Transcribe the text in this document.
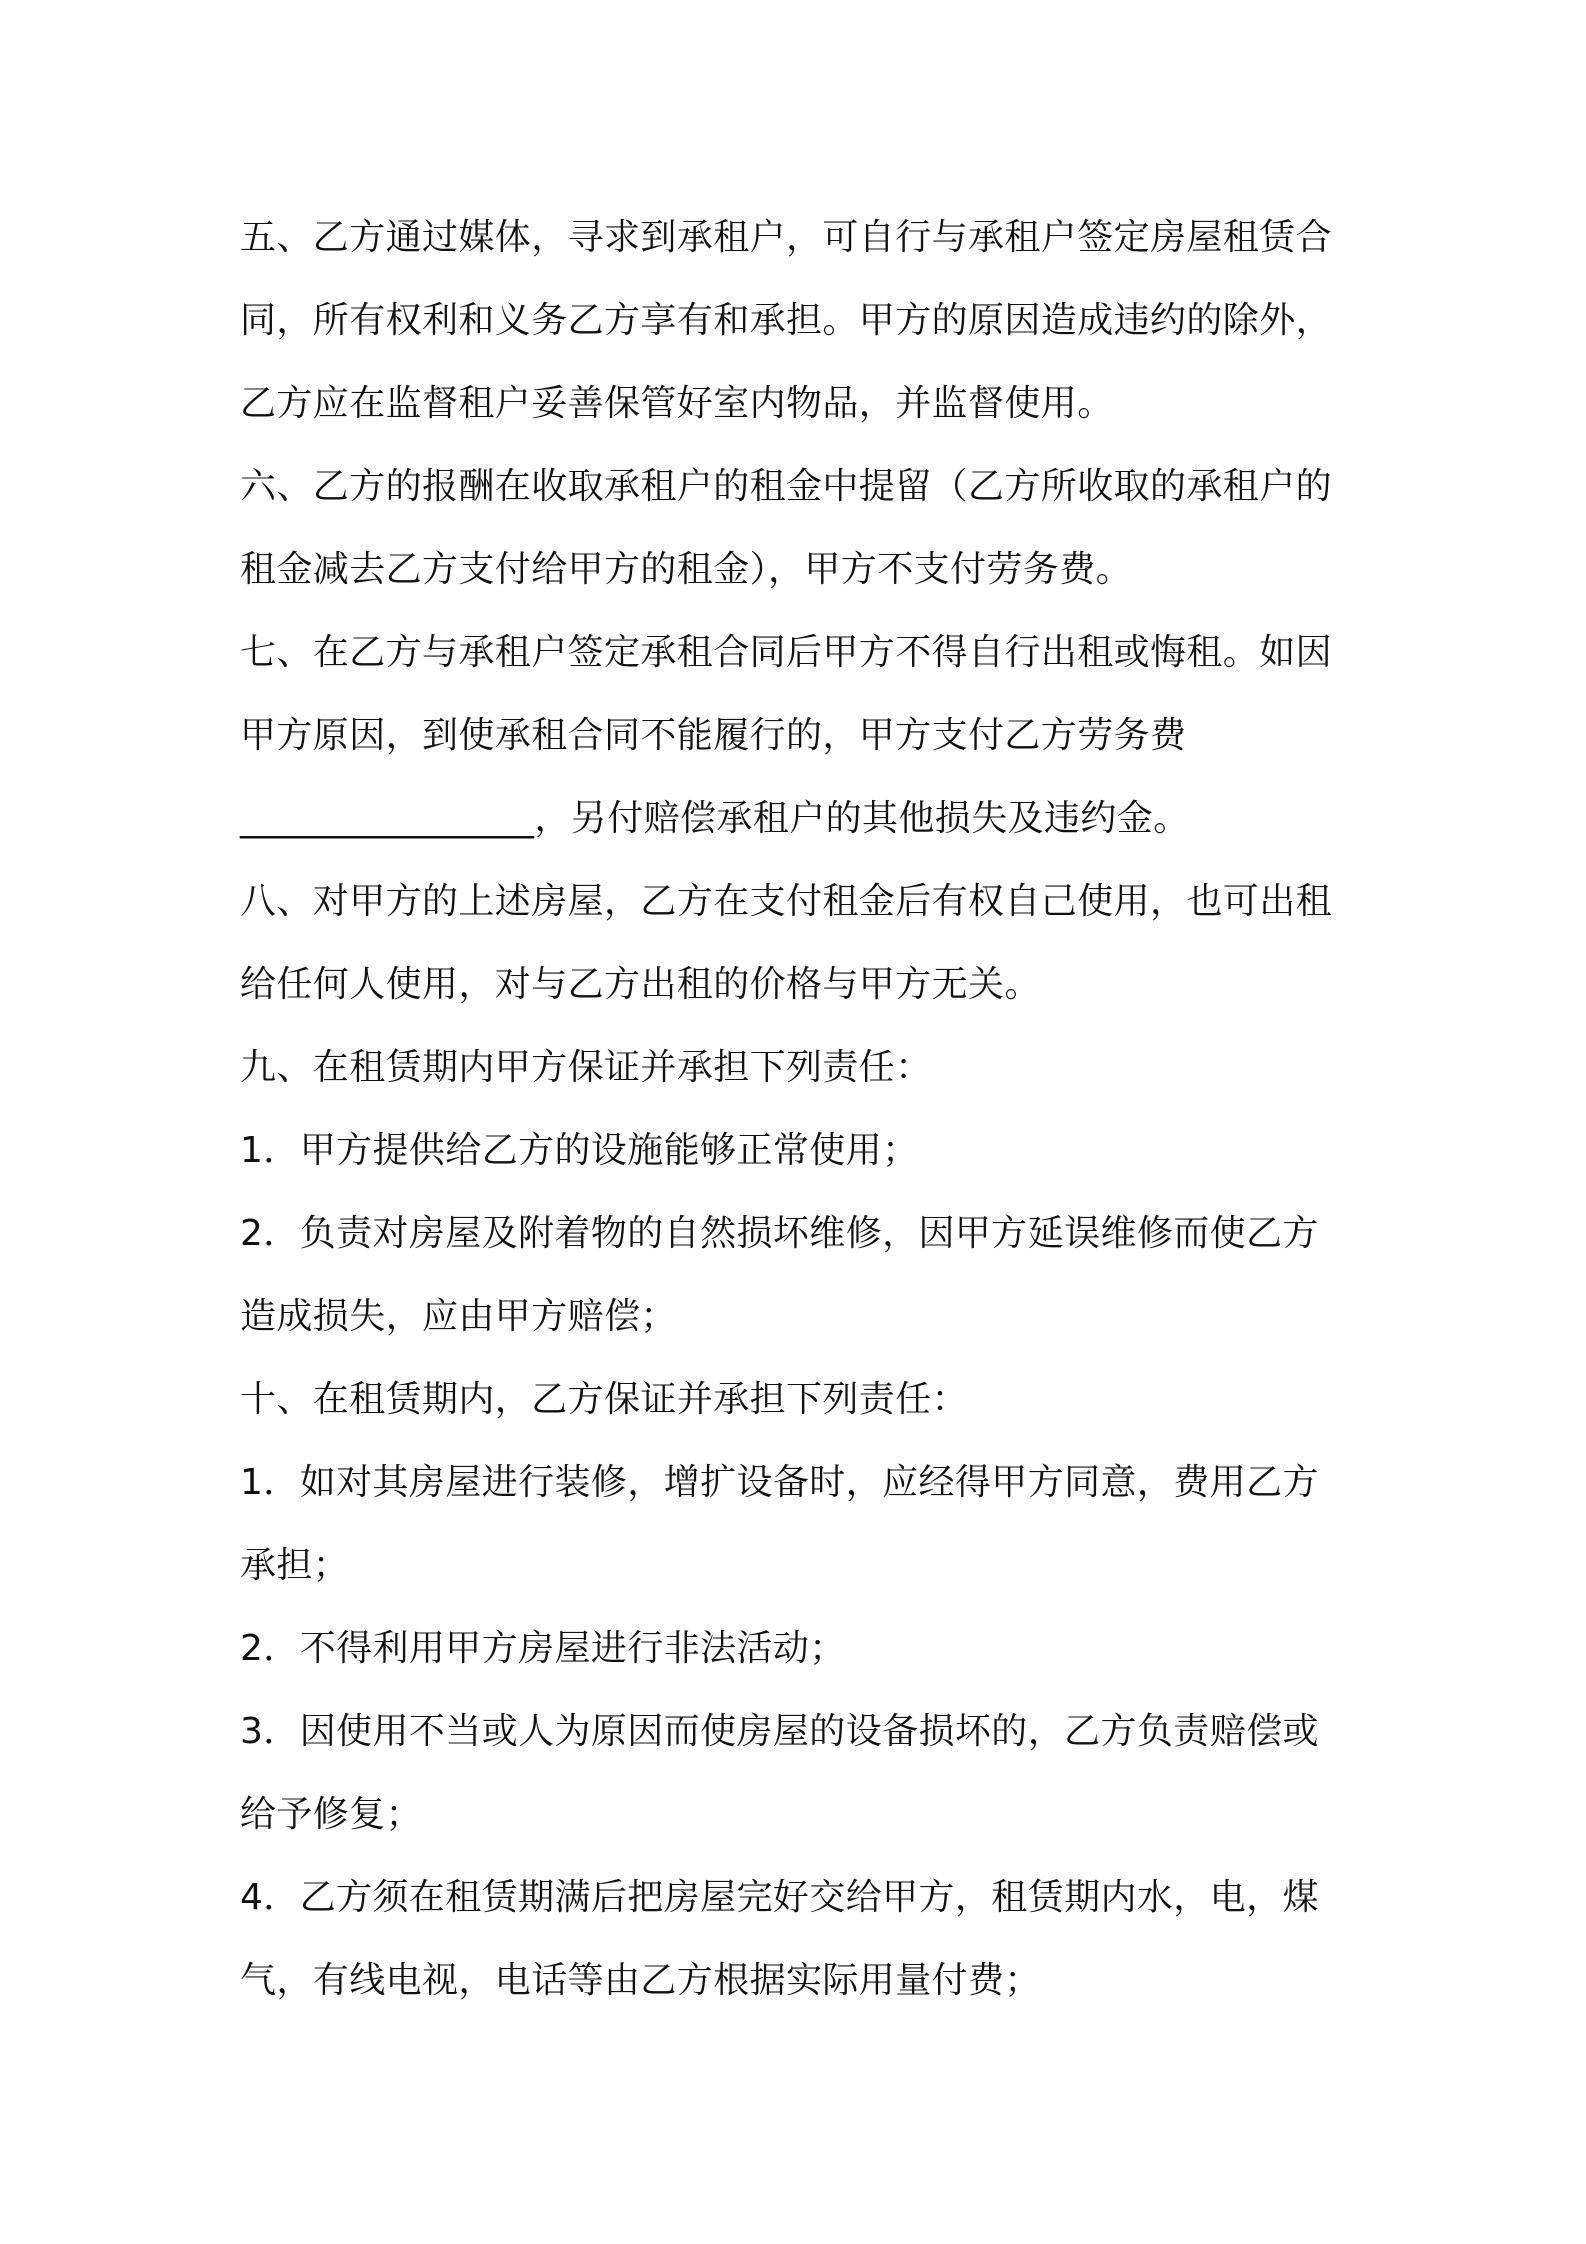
五、乙方通过媒体，寻求到承租户，可自行与承租户签定房屋租赁合
同，所有权利和义务乙方享有和承担。甲方的原因造成违约的除外，
乙方应在监督租户妥善保管好室内物品，并监督使用。
六、乙方的报酬在收取承租户的租金中提留（乙方所收取的承租户的
租金减去乙方支付给甲方的租金），甲方不支付劳务费。
七、在乙方与承租户签定承租合同后甲方不得自行出租或悔租。如因
甲方原因，到使承租合同不能履行的，甲方支付乙方劳务费
________________，另付赔偿承租户的其他损失及违约金。
八、对甲方的上述房屋，乙方在支付租金后有权自己使用，也可出租
给任何人使用，对与乙方出租的价格与甲方无关。
九、在租赁期内甲方保证并承担下列责任：
1．甲方提供给乙方的设施能够正常使用；
2．负责对房屋及附着物的自然损坏维修，因甲方延误维修而使乙方
造成损失，应由甲方赔偿；
十、在租赁期内，乙方保证并承担下列责任：
1．如对其房屋进行装修，增扩设备时，应经得甲方同意，费用乙方
承担；
2．不得利用甲方房屋进行非法活动；
3．因使用不当或人为原因而使房屋的设备损坏的，乙方负责赔偿或
给予修复；
4．乙方须在租赁期满后把房屋完好交给甲方，租赁期内水，电，煤
气，有线电视，电话等由乙方根据实际用量付费；
